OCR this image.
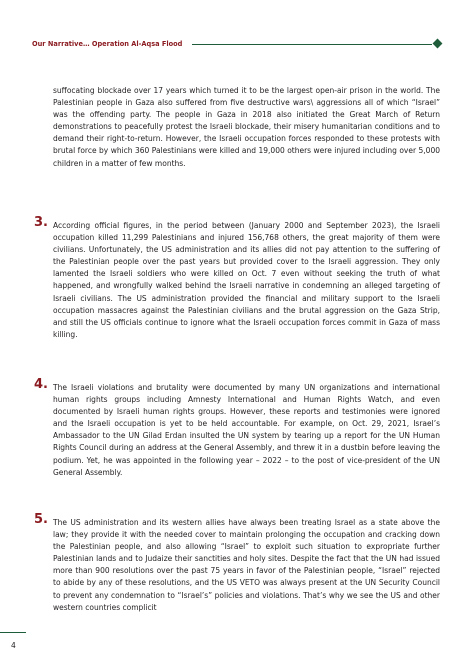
Our Narrative… Operation Al-Aqsa Flood

suffocating blockade over 17 years which turned it to be the largest open-air prison in the world. The Palestinian people in Gaza also suffered from five destructive wars\ aggressions all of which “Israel” was the offending party. The people in Gaza in 2018 also initiated the Great March of Return demonstrations to peacefully protest the Israeli blockade, their misery humanitarian conditions and to demand their right-to-return. However, the Israeli occupation forces responded to these protests with brutal force by which 360 Palestinians were killed and 19,000 others were injured including over 5,000 children in a matter of few months.

3. According official figures, in the period between (January 2000 and September 2023), the Israeli occupation killed 11,299 Palestinians and injured 156,768 others, the great majority of them were civilians. Unfortunately, the US administration and its allies did not pay attention to the suffering of the Palestinian people over the past years but provided cover to the Israeli aggression. They only lamented the Israeli soldiers who were killed on Oct. 7 even without seeking the truth of what happened, and wrongfully walked behind the Israeli narrative in condemning an alleged targeting of Israeli civilians. The US administration provided the financial and military support to the Israeli occupation massacres against the Palestinian civilians and the brutal aggression on the Gaza Strip, and still the US officials continue to ignore what the Israeli occupation forces commit in Gaza of mass killing.

4. The Israeli violations and brutality were documented by many UN organizations and international human rights groups including Amnesty International and Human Rights Watch, and even documented by Israeli human rights groups. However, these reports and testimonies were ignored and the Israeli occupation is yet to be held accountable. For example, on Oct. 29, 2021, Israel’s Ambassador to the UN Gilad Erdan insulted the UN system by tearing up a report for the UN Human Rights Council during an address at the General Assembly, and threw it in a dustbin before leaving the podium. Yet, he was appointed in the following year – 2022 – to the post of vice-president of the UN General Assembly.

5. The US administration and its western allies have always been treating Israel as a state above the law; they provide it with the needed cover to maintain prolonging the occupation and cracking down the Palestinian people, and also allowing “Israel” to exploit such situation to expropriate further Palestinian lands and to Judaize their sanctities and holy sites. Despite the fact that the UN had issued more than 900 resolutions over the past 75 years in favor of the Palestinian people, “Israel” rejected to abide by any of these resolutions, and the US VETO was always present at the UN Security Council to prevent any condemnation to “Israel’s” policies and violations. That’s why we see the US and other western countries complicit

4
